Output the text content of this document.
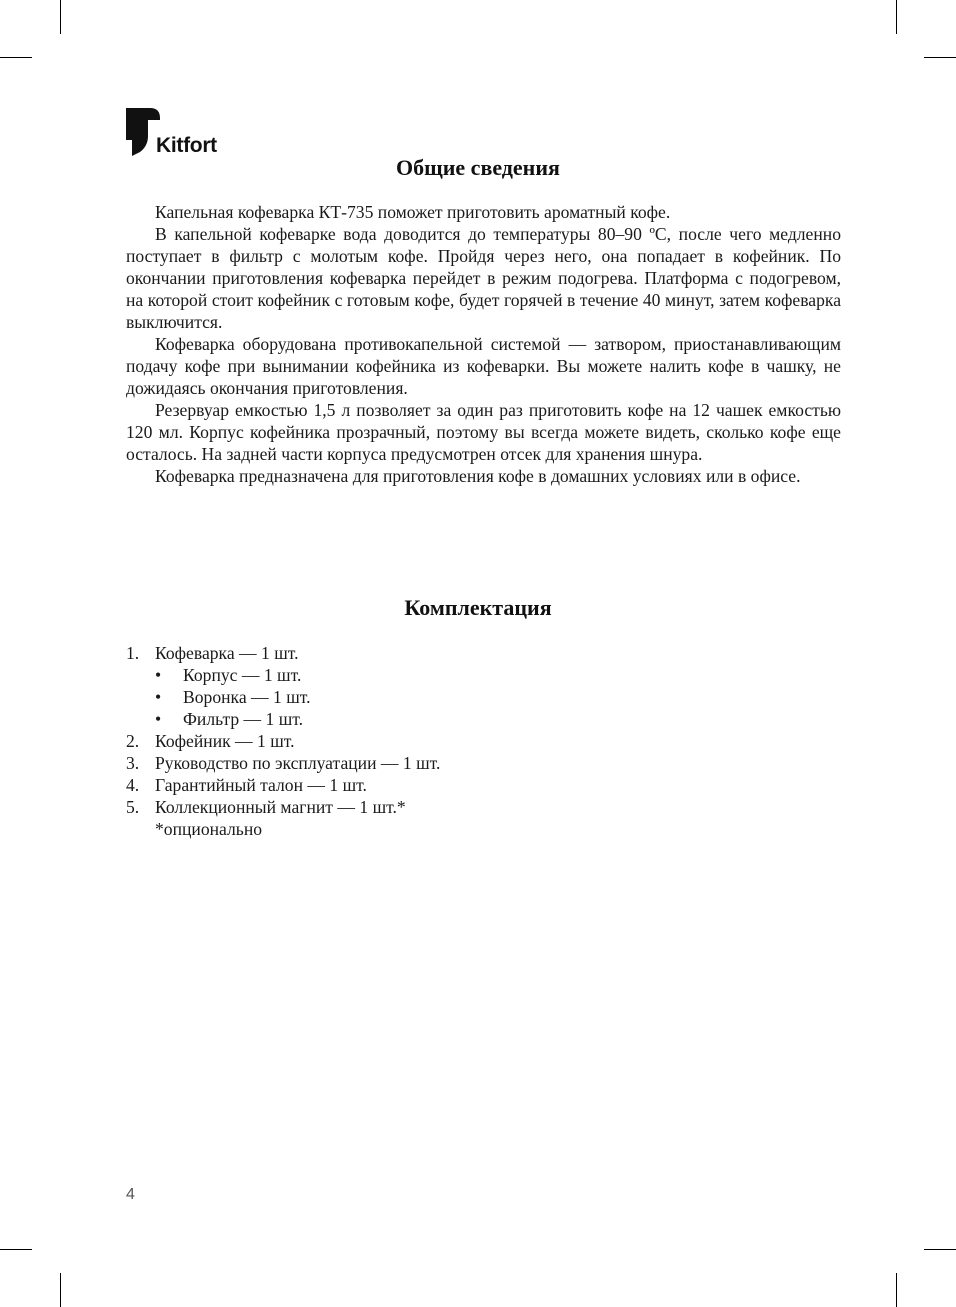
Kitfort
Общие сведения

Капельная кофеварка КТ-735 поможет приготовить ароматный кофе.

В капельной кофеварке вода доводится до температуры 80–90 ºС, после чего медленно поступает в фильтр с молотым кофе. Пройдя через него, она попадает в кофейник. По окончании приготовления кофеварка перейдет в режим подогрева. Платформа с подогревом, на которой стоит кофейник с готовым кофе, будет горячей в течение 40 минут, затем кофеварка выключится.

Кофеварка оборудована противокапельной системой — затвором, приостанавливающим подачу кофе при вынимании кофейника из кофеварки. Вы можете налить кофе в чашку, не дожидаясь окончания приготовления.

Резервуар емкостью 1,5 л позволяет за один раз приготовить кофе на 12 чашек емкостью 120 мл. Корпус кофейника прозрачный, поэтому вы всегда можете видеть, сколько кофе еще осталось. На задней части корпуса предусмотрен отсек для хранения шнура.

Кофеварка предназначена для приготовления кофе в домашних условиях или в офисе.

Комплектация
1. Кофеварка — 1 шт.
• Корпус — 1 шт.
• Воронка — 1 шт.
• Фильтр — 1 шт.
2. Кофейник — 1 шт.
3. Руководство по эксплуатации — 1 шт.
4. Гарантийный талон — 1 шт.
5. Коллекционный магнит — 1 шт.*
*опционально
4
